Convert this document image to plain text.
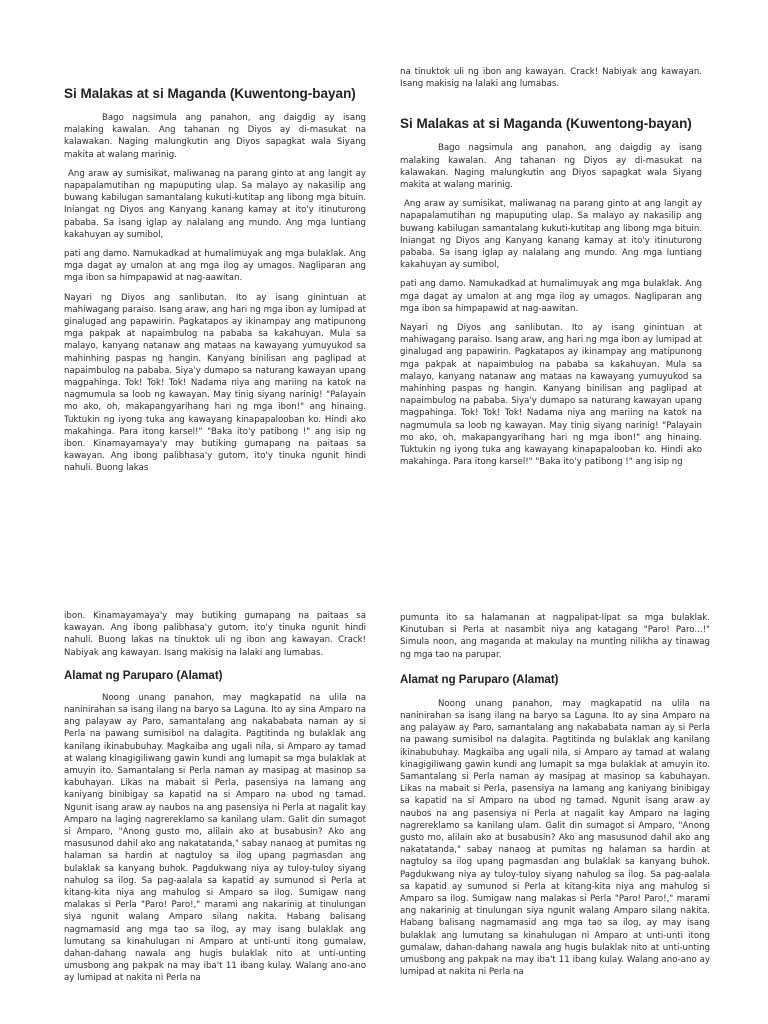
Si Malakas at si Maganda (Kuwentong-bayan)

Bago nagsimula ang panahon, ang daigdig ay isang malaking kawalan. Ang tahanan ng Diyos ay di-masukat na kalawakan. Naging malungkutin ang Diyos sapagkat wala Siyang makita at walang marinig.

Ang araw ay sumisikat, maliwanag na parang ginto at ang langit ay napapalamutihan ng mapuputing ulap. Sa malayo ay nakasilip ang buwang kabilugan samantalang kukuti-kutitap ang libong mga bituin. Iniangat ng Diyos ang Kanyang kanang kamay at ito'y itinuturong pababa. Sa isang iglap ay nalalang ang mundo. Ang mga luntiang kakahuyan ay sumibol,

pati ang damo. Namukadkad at humalimuyak ang mga bulaklak. Ang mga dagat ay umalon at ang mga ilog ay umagos. Nagliparan ang mga ibon sa himpapawid at nag-aawitan.

Nayari ng Diyos ang sanlibutan. Ito ay isang ginintuan at mahiwagang paraiso. Isang araw, ang hari ng mga ibon ay lumipad at ginalugad ang papawirin. Pagkatapos ay ikinampay ang matipunong mga pakpak at napaimbulog na pababa sa kakahuyan. Mula sa malayo, kanyang natanaw ang mataas na kawayang yumuyukod sa mahinhing paspas ng hangin. Kanyang binilisan ang paglipad at napaimbulog na pababa. Siya'y dumapo sa naturang kawayan upang magpahinga. Tok! Tok! Tok! Nadama niya ang mariing na katok na nagmumula sa loob ng kawayan. May tinig siyang narinig! "Palayain mo ako, oh, makapangyarihang hari ng mga ibon!" ang hinaing. Tuktukin ng iyong tuka ang kawayang kinapapalooban ko. Hindi ako makahinga. Para itong karsel!" "Baka ito'y patibong !" ang isip ng ibon. Kinamayamaya'y may butiking gumapang na paitaas sa kawayan. Ang ibong palibhasa'y gutom, ito'y tinuka ngunit hindi nahuli. Buong lakas

na tinuktok uli ng ibon ang kawayan. Crack! Nabiyak ang kawayan. Isang makisig na lalaki ang lumabas.

Si Malakas at si Maganda (Kuwentong-bayan)

Bago nagsimula ang panahon, ang daigdig ay isang malaking kawalan. Ang tahanan ng Diyos ay di-masukat na kalawakan. Naging malungkutin ang Diyos sapagkat wala Siyang makita at walang marinig.

Ang araw ay sumisikat, maliwanag na parang ginto at ang langit ay napapalamutihan ng mapuputing ulap. Sa malayo ay nakasilip ang buwang kabilugan samantalang kukuti-kutitap ang libong mga bituin. Iniangat ng Diyos ang Kanyang kanang kamay at ito'y itinuturong pababa. Sa isang iglap ay nalalang ang mundo. Ang mga luntiang kakahuyan ay sumibol,

pati ang damo. Namukadkad at humalimuyak ang mga bulaklak. Ang mga dagat ay umalon at ang mga ilog ay umagos. Nagliparan ang mga ibon sa himpapawid at nag-aawitan.

Nayari ng Diyos ang sanlibutan. Ito ay isang ginintuan at mahiwagang paraiso. Isang araw, ang hari ng mga ibon ay lumipad at ginalugad ang papawirin. Pagkatapos ay ikinampay ang matipunong mga pakpak at napaimbulog na pababa sa kakahuyan. Mula sa malayo, kanyang natanaw ang mataas na kawayang yumuyukod sa mahinhing paspas ng hangin. Kanyang binilisan ang paglipad at napaimbulog na pababa. Siya'y dumapo sa naturang kawayan upang magpahinga. Tok! Tok! Tok! Nadama niya ang mariing na katok na nagmumula sa loob ng kawayan. May tinig siyang narinig! "Palayain mo ako, oh, makapangyarihang hari ng mga ibon!" ang hinaing. Tuktukin ng iyong tuka ang kawayang kinapapalooban ko. Hindi ako makahinga. Para itong karsel!" "Baka ito'y patibong !" ang isip ng

ibon. Kinamayamaya'y may butiking gumapang na paitaas sa kawayan. Ang ibong palibhasa'y gutom, ito'y tinuka ngunit hindi nahuli. Buong lakas na tinuktok uli ng ibon ang kawayan. Crack! Nabiyak ang kawayan. Isang makisig na lalaki ang lumabas.

Alamat ng Paruparo (Alamat)

Noong unang panahon, may magkapatid na ulila na naninirahan sa isang ilang na baryo sa Laguna. Ito ay sina Amparo na ang palayaw ay Paro, samantalang ang nakababata naman ay si Perla na pawang sumisibol na dalagita. Pagtitinda ng bulaklak ang kanilang ikinabubuhay. Magkaiba ang ugali nila, si Amparo ay tamad at walang kinagigiliwang gawin kundi ang lumapit sa mga bulaklak at amuyin ito. Samantalang si Perla naman ay masipag at masinop sa kabuhayan. Likas na mabait si Perla, pasensiya na lamang ang kaniyang binibigay sa kapatid na si Amparo na ubod ng tamad. Ngunit isang araw ay naubos na ang pasensiya ni Perla at nagalit kay Amparo na laging nagrereklamo sa kanilang ulam. Galit din sumagot si Amparo, "Anong gusto mo, alilain ako at busabusin? Ako ang masusunod dahil ako ang nakatatanda," sabay nanaog at pumitas ng halaman sa hardin at nagtuloy sa ilog upang pagmasdan ang bulaklak sa kanyang buhok. Pagdukwang niya ay tuloy-tuloy siyang nahulog sa ilog. Sa pag-aalala sa kapatid ay sumunod si Perla at kitang-kita niya ang mahulog si Amparo sa ilog. Sumigaw nang malakas si Perla "Paro! Paro!," marami ang nakarinig at tinulungan siya ngunit walang Amparo silang nakita. Habang balisang nagmamasid ang mga tao sa ilog, ay may isang bulaklak ang lumutang sa kinahulugan ni Amparo at unti-unti itong gumalaw, dahan-dahang nawala ang hugis bulaklak nito at unti-unting umusbong ang pakpak na may iba't 11 ibang kulay. Walang ano-ano ay lumipad at nakita ni Perla na

pumunta ito sa halamanan at nagpalipat-lipat sa mga bulaklak. Kinutuban si Perla at nasambit niya ang katagang "Paro! Paro...!" Simula noon, ang maganda at makulay na munting nilikha ay tinawag ng mga tao na parupar.

Alamat ng Paruparo (Alamat)

Noong unang panahon, may magkapatid na ulila na naninirahan sa isang ilang na baryo sa Laguna. Ito ay sina Amparo na ang palayaw ay Paro, samantalang ang nakababata naman ay si Perla na pawang sumisibol na dalagita. Pagtitinda ng bulaklak ang kanilang ikinabubuhay. Magkaiba ang ugali nila, si Amparo ay tamad at walang kinagigiliwang gawin kundi ang lumapit sa mga bulaklak at amuyin ito. Samantalang si Perla naman ay masipag at masinop sa kabuhayan. Likas na mabait si Perla, pasensiya na lamang ang kaniyang binibigay sa kapatid na si Amparo na ubod ng tamad. Ngunit isang araw ay naubos na ang pasensiya ni Perla at nagalit kay Amparo na laging nagrereklamo sa kanilang ulam. Galit din sumagot si Amparo, "Anong gusto mo, alilain ako at busabusin? Ako ang masusunod dahil ako ang nakatatanda," sabay nanaog at pumitas ng halaman sa hardin at nagtuloy sa ilog upang pagmasdan ang bulaklak sa kanyang buhok. Pagdukwang niya ay tuloy-tuloy siyang nahulog sa ilog. Sa pag-aalala sa kapatid ay sumunod si Perla at kitang-kita niya ang mahulog si Amparo sa ilog. Sumigaw nang malakas si Perla "Paro! Paro!," marami ang nakarinig at tinulungan siya ngunit walang Amparo silang nakita. Habang balisang nagmamasid ang mga tao sa ilog, ay may isang bulaklak ang lumutang sa kinahulugan ni Amparo at unti-unti itong gumalaw, dahan-dahang nawala ang hugis bulaklak nito at unti-unting umusbong ang pakpak na may iba't 11 ibang kulay. Walang ano-ano ay lumipad at nakita ni Perla na
